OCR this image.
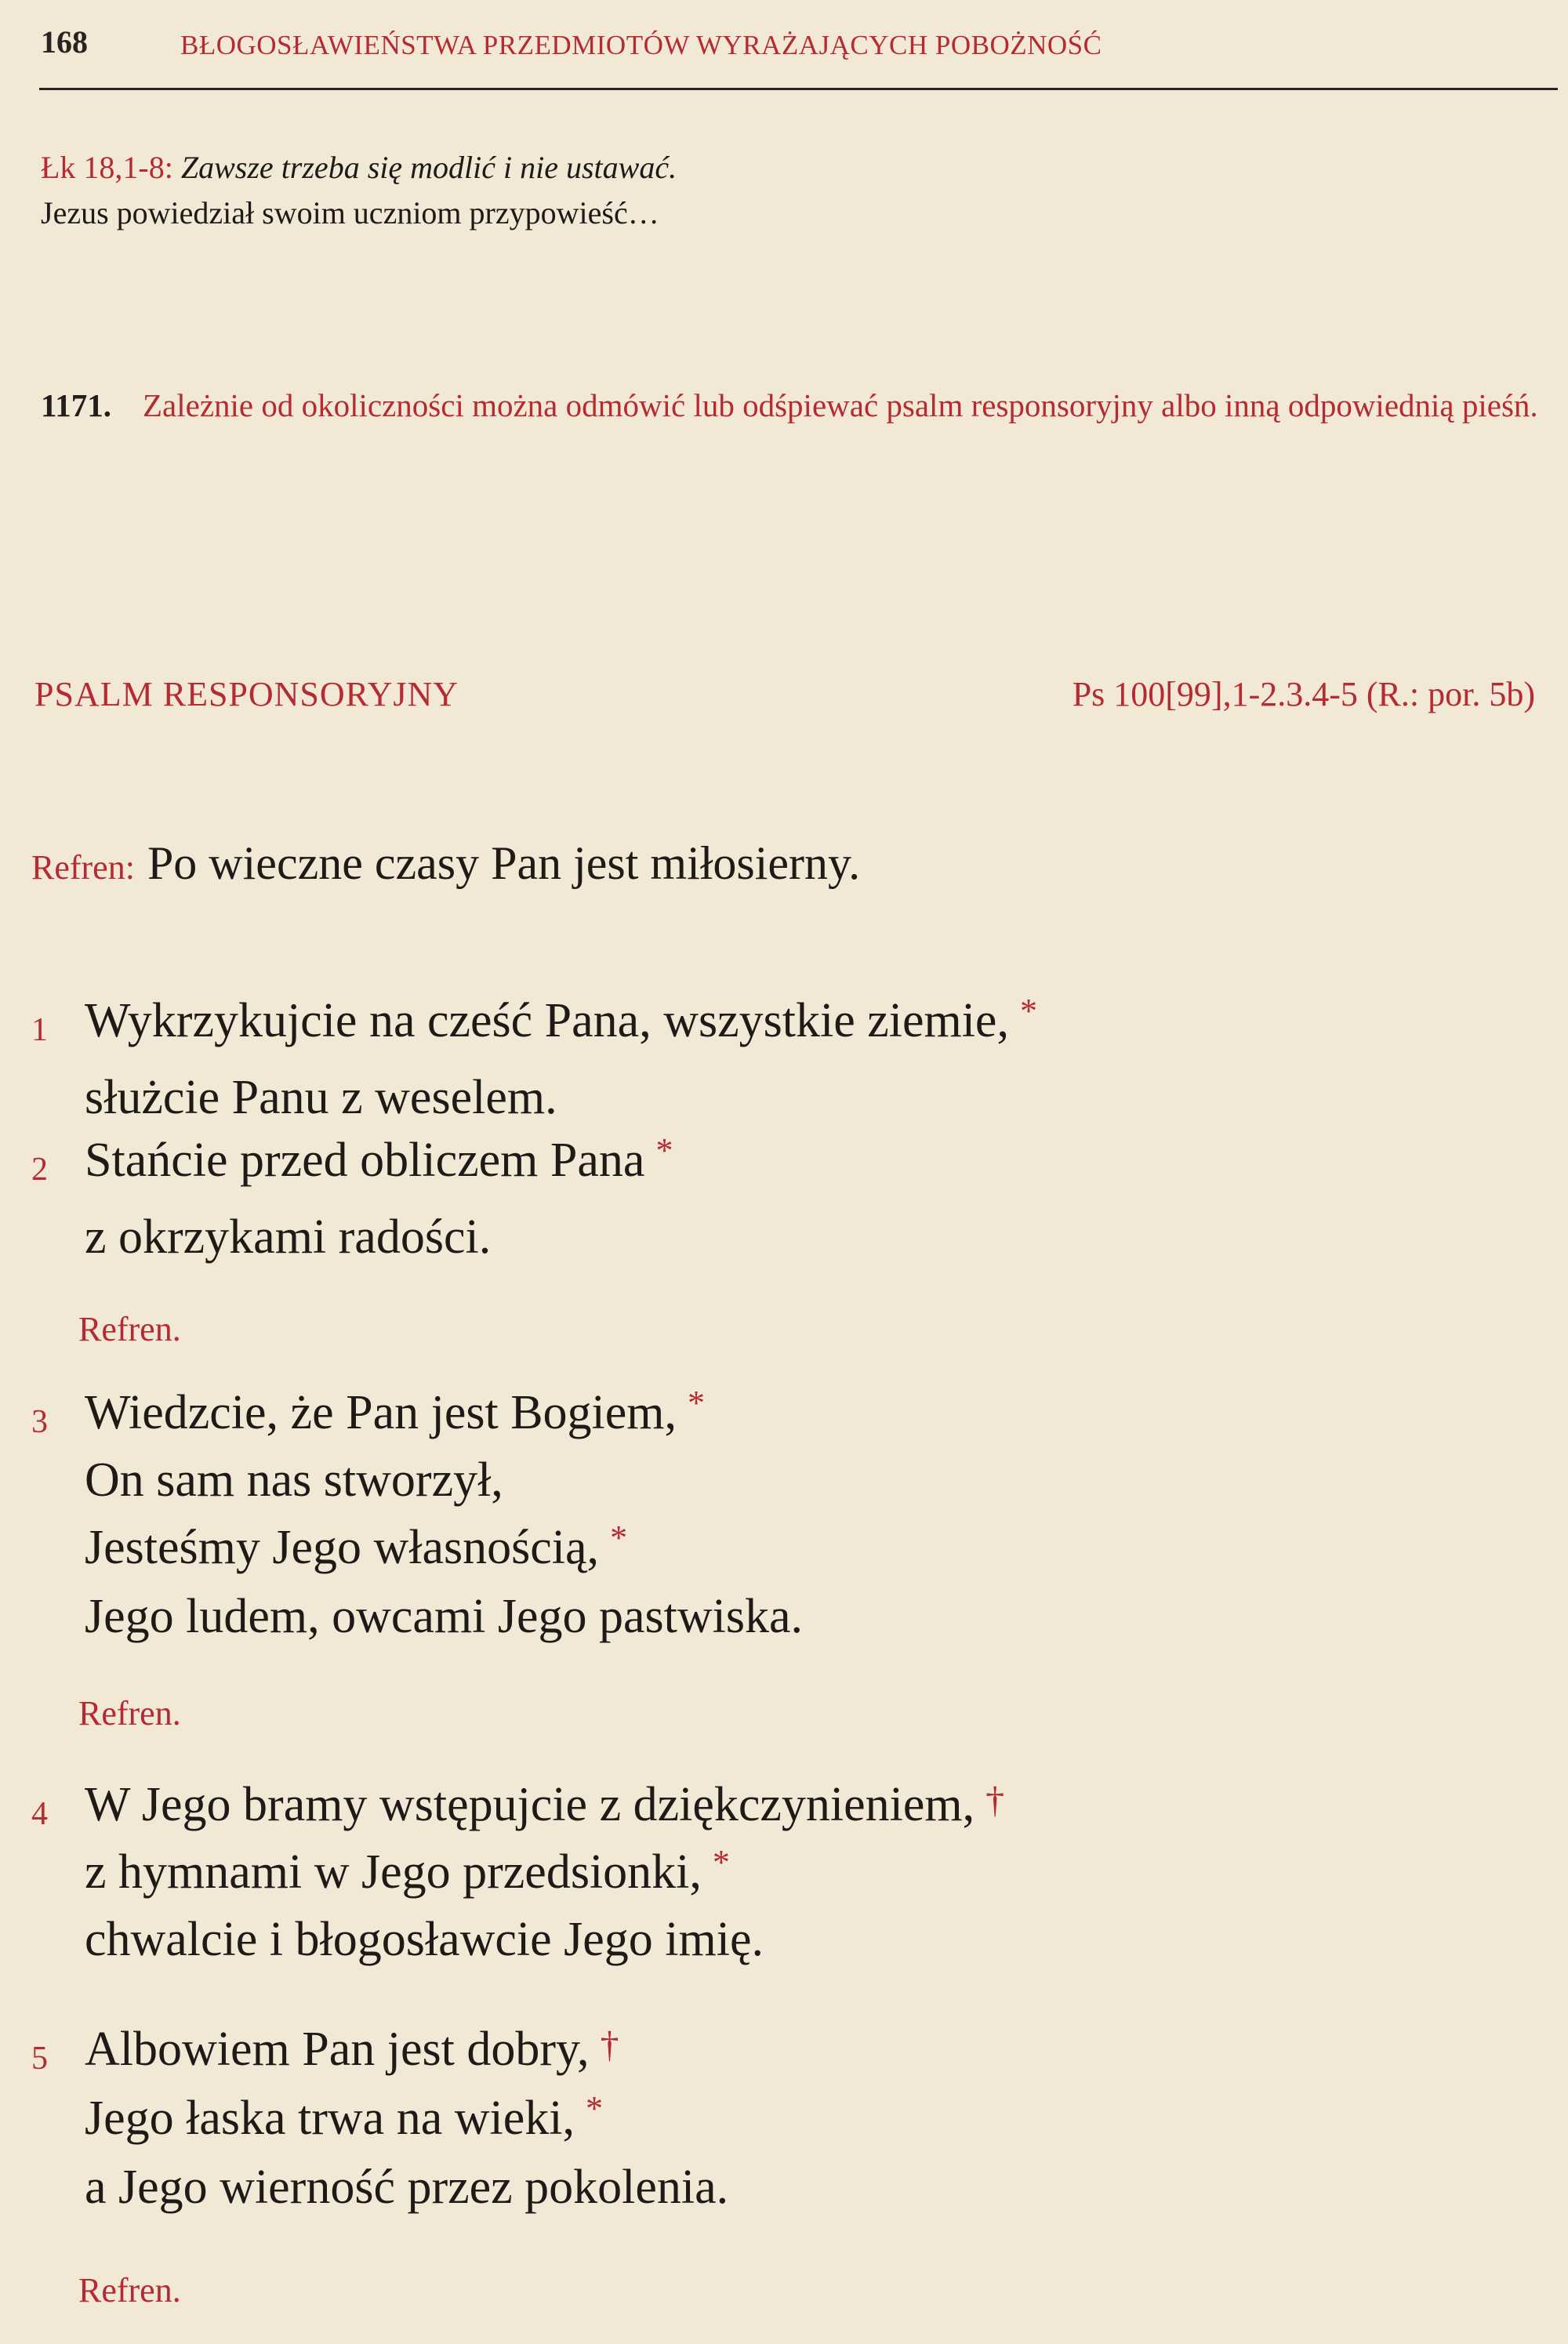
168	BŁOGOSŁAWIEŃSTWA PRZEDMIOTÓW WYRAŻAJĄCYCH POBOŻNOŚĆ
Łk 18,1-8: Zawsze trzeba się modlić i nie ustawać.
Jezus powiedział swoim uczniom przypowieść…
1171. Zależnie od okoliczności można odmówić lub odśpiewać psalm responsoryjny albo inną odpowiednią pieśń.
PSALM RESPONSORYJNY	Ps 100[99],1-2.3.4-5 (R.: por. 5b)
Refren: Po wieczne czasy Pan jest miłosierny.
1 Wykrzykujcie na cześć Pana, wszystkie ziemie, *
służcie Panu z weselem.
2 Stańcie przed obliczem Pana *
z okrzykami radości.
Refren.
3 Wiedzcie, że Pan jest Bogiem, *
On sam nas stworzył,
Jesteśmy Jego własnością, *
Jego ludem, owcami Jego pastwiska.
Refren.
4 W Jego bramy wstępujcie z dziękczynieniem, †
z hymnami w Jego przedsionki, *
chwalcie i błogosławcie Jego imię.
5 Albowiem Pan jest dobry, †
Jego łaska trwa na wieki, *
a Jego wierność przez pokolenia.
Refren.
